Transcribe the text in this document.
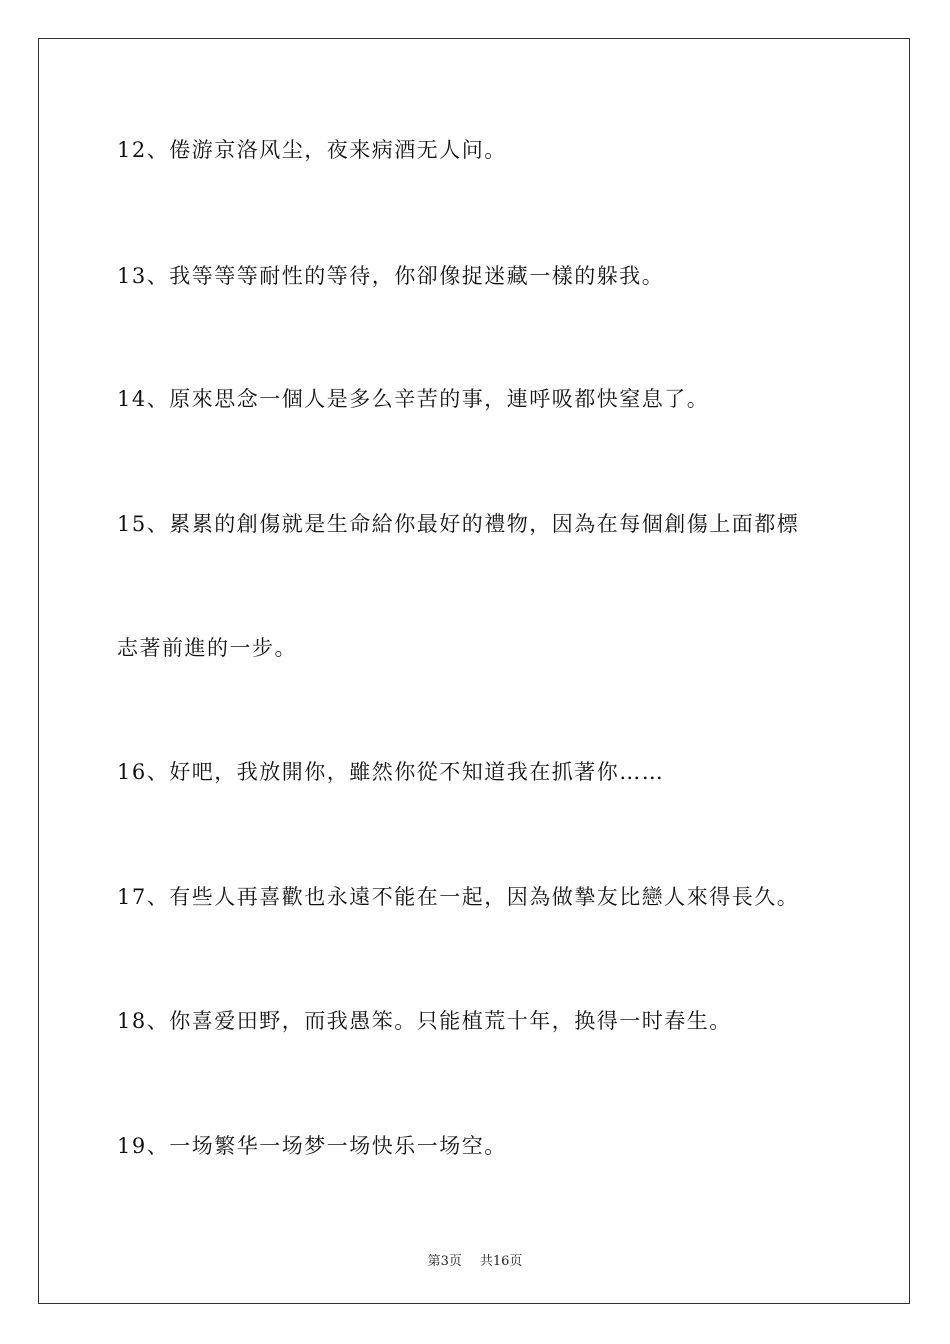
12、倦游京洛风尘，夜来病酒无人问。
13、我等等等耐性的等待，你卻像捉迷藏一樣的躲我。
14、原來思念一個人是多么辛苦的事，連呼吸都快窒息了。
15、累累的創傷就是生命給你最好的禮物，因為在每個創傷上面都標
志著前進的一步。
16、好吧，我放開你，雖然你從不知道我在抓著你……
17、有些人再喜歡也永遠不能在一起，因為做摯友比戀人來得長久。
18、你喜爱田野，而我愚笨。只能植荒十年，换得一时春生。
19、一场繁华一场梦一场快乐一场空。
第3页 共16页
